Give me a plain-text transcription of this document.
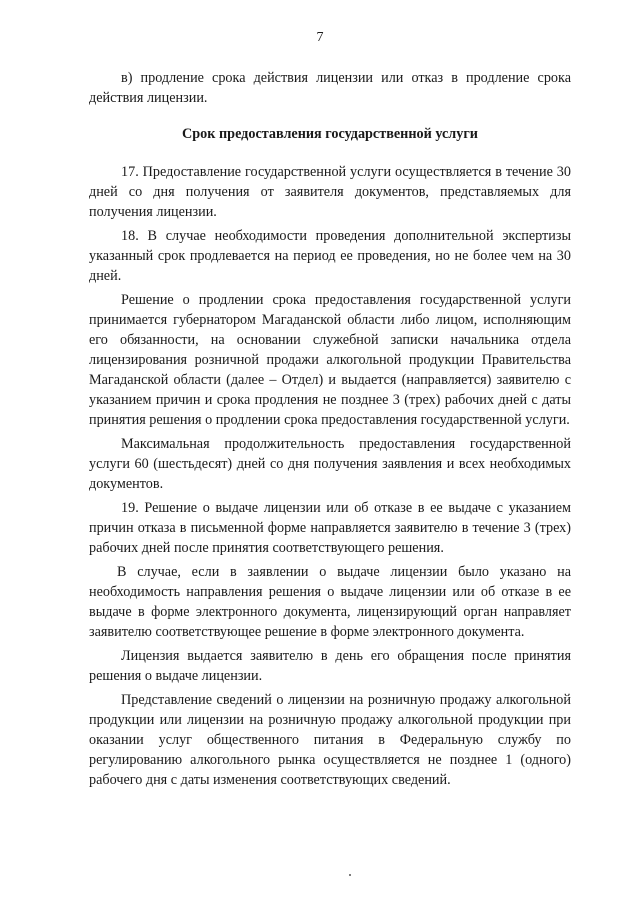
7

в) продление срока действия лицензии или отказ в продление срока действия лицензии.

Срок предоставления государственной услуги

17. Предоставление государственной услуги осуществляется в течение 30 дней со дня получения от заявителя документов, представляемых для получения лицензии.

18. В случае необходимости проведения дополнительной экспертизы указанный срок продлевается на период ее проведения, но не более чем на 30 дней.

Решение о продлении срока предоставления государственной услуги принимается губернатором Магаданской области либо лицом, исполняющим его обязанности, на основании служебной записки начальника отдела лицензирования розничной продажи алкогольной продукции Правительства Магаданской области (далее – Отдел) и выдается (направляется) заявителю с указанием причин и срока продления не позднее 3 (трех) рабочих дней с даты принятия решения о продлении срока предоставления государственной услуги.

Максимальная продолжительность предоставления государственной услуги 60 (шестьдесят) дней со дня получения заявления и всех необходимых документов.

19. Решение о выдаче лицензии или об отказе в ее выдаче с указанием причин отказа в письменной форме направляется заявителю в течение 3 (трех) рабочих дней после принятия соответствующего решения.

В случае, если в заявлении о выдаче лицензии было указано на необходимость направления решения о выдаче лицензии или об отказе в ее выдаче в форме электронного документа, лицензирующий орган направляет заявителю соответствующее решение в форме электронного документа.

Лицензия выдается заявителю в день его обращения после принятия решения о выдаче лицензии.

Представление сведений о лицензии на розничную продажу алкогольной продукции или лицензии на розничную продажу алкогольной продукции при оказании услуг общественного питания в Федеральную службу по регулированию алкогольного рынка осуществляется не позднее 1 (одного) рабочего дня с даты изменения соответствующих сведений.
